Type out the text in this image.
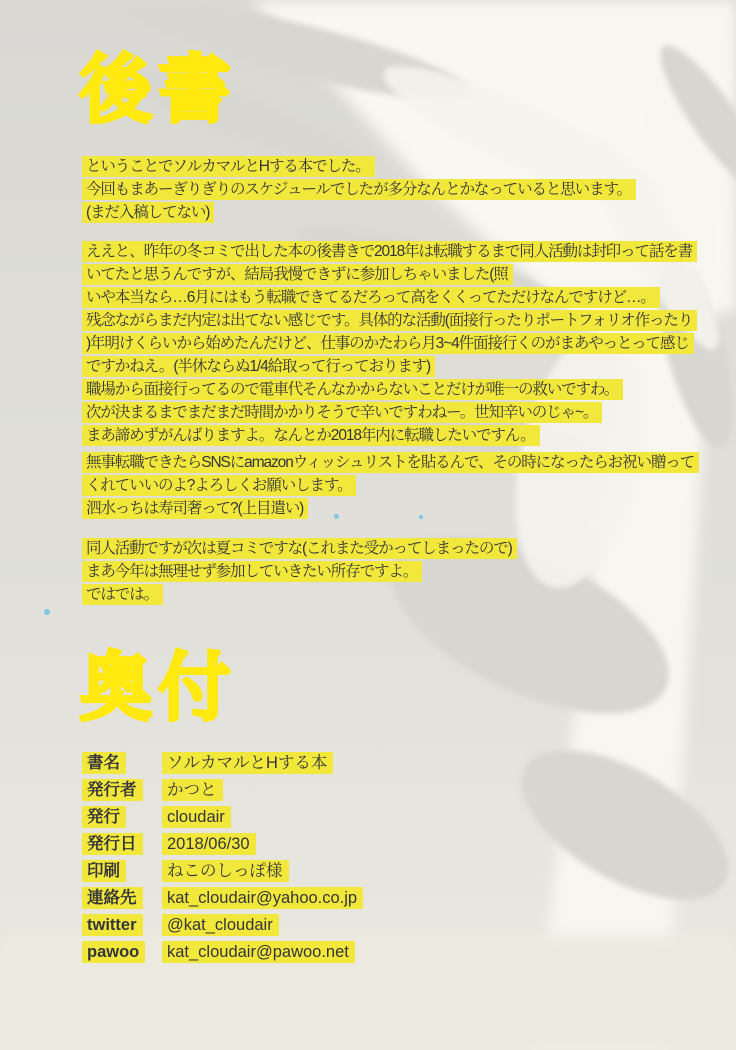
後書
ということでソルカマルとHする本でした。
今回もまあーぎりぎりのスケジュールでしたが多分なんとかなっていると思います。
(まだ入稿してない)
ええと、昨年の冬コミで出した本の後書きで2018年は転職するまで同人活動は封印って話を書
いてたと思うんですが、結局我慢できずに参加しちゃいました(照
いや本当なら…6月にはもう転職できてるだろって高をくくってただけなんですけど…。
残念ながらまだ内定は出てない感じです。具体的な活動(面接行ったりポートフォリオ作ったり
)年明けくらいから始めたんだけど、仕事のかたわら月3~4件面接行くのがまあやっとって感じ
ですかねえ。(半休ならぬ1/4給取って行っております)
職場から面接行ってるので電車代そんなかからないことだけが唯一の救いですわ。
次が決まるまでまだまだ時間かかりそうで辛いですわねー。世知辛いのじゃ~。
まあ諦めずがんばりますよ。なんとか2018年内に転職したいですん。
無事転職できたらSNSにamazonウィッシュリストを貼るんで、その時になったらお祝い贈って
くれていいのよ?よろしくお願いします。
泗水っちは寿司奢って?(上目遣い)
同人活動ですが次は夏コミですな(これまた受かってしまったので)
まあ今年は無理せず参加していきたい所存ですよ。
ではでは。
奥付
書名	ソルカマルとHする本
発行者 かつと
発行	cloudair
発行日 2018/06/30
印刷	ねこのしっぽ様
連絡先 kat_cloudair@yahoo.co.jp
twitter @kat_cloudair
pawoo kat_cloudair@pawoo.net
